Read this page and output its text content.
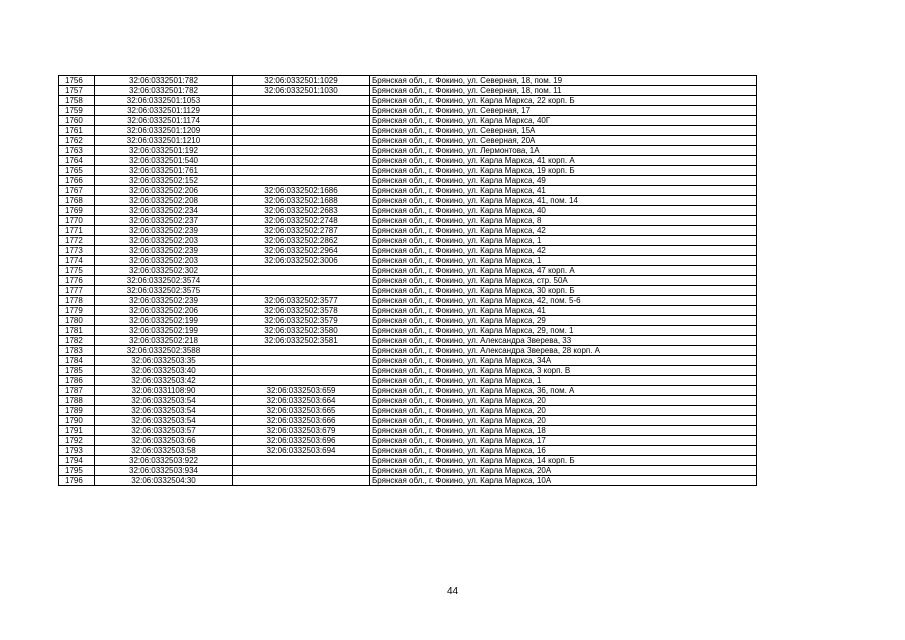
1756	32:06:0332501:782	32:06:0332501:1029	Брянская обл., г. Фокино, ул. Северная, 18, пом. 19
1757	32:06:0332501:782	32:06:0332501:1030	Брянская обл., г. Фокино, ул. Северная, 18, пом. 11
1758	32:06:0332501:1053		Брянская обл., г. Фокино, ул. Карла Маркса, 22 корп. Б
1759	32:06:0332501:1129		Брянская обл., г. Фокино, ул. Северная, 17
1760	32:06:0332501:1174		Брянская обл., г. Фокино, ул. Карла Маркса, 40Г
1761	32:06:0332501:1209		Брянская обл., г. Фокино, ул. Северная, 15А
1762	32:06:0332501:1210		Брянская обл., г. Фокино, ул. Северная, 20А
1763	32:06:0332501:192		Брянская обл., г. Фокино, ул. Лермонтова, 1А
1764	32:06:0332501:540		Брянская обл., г. Фокино, ул. Карла Маркса, 41 корп. А
1765	32:06:0332501:761		Брянская обл., г. Фокино, ул. Карла Маркса, 19 корп. Б
1766	32:06:0332502:152		Брянская обл., г. Фокино, ул. Карла Маркса, 49
1767	32:06:0332502:206	32:06:0332502:1686	Брянская обл., г. Фокино, ул. Карла Маркса, 41
1768	32:06:0332502:208	32:06:0332502:1688	Брянская обл., г. Фокино, ул. Карла Маркса, 41, пом. 14
1769	32:06:0332502:234	32:06:0332502:2683	Брянская обл., г. Фокино, ул. Карла Маркса, 40
1770	32:06:0332502:237	32:06:0332502:2748	Брянская обл., г. Фокино, ул. Карла Маркса, 8
1771	32:06:0332502:239	32:06:0332502:2787	Брянская обл., г. Фокино, ул. Карла Маркса, 42
1772	32:06:0332502:203	32:06:0332502:2862	Брянская обл., г. Фокино, ул. Карла Маркса, 1
1773	32:06:0332502:239	32:06:0332502:2964	Брянская обл., г. Фокино, ул. Карла Маркса, 42
1774	32:06:0332502:203	32:06:0332502:3006	Брянская обл., г. Фокино, ул. Карла Маркса, 1
1775	32:06:0332502:302		Брянская обл., г. Фокино, ул. Карла Маркса, 47 корп. А
1776	32:06:0332502:3574		Брянская обл., г. Фокино, ул. Карла Маркса, стр. 50А
1777	32:06:0332502:3575		Брянская обл., г. Фокино, ул. Карла Маркса, 30 корп. Б
1778	32:06:0332502:239	32:06:0332502:3577	Брянская обл., г. Фокино, ул. Карла Маркса, 42, пом. 5-6
1779	32:06:0332502:206	32:06:0332502:3578	Брянская обл., г. Фокино, ул. Карла Маркса, 41
1780	32:06:0332502:199	32:06:0332502:3579	Брянская обл., г. Фокино, ул. Карла Маркса, 29
1781	32:06:0332502:199	32:06:0332502:3580	Брянская обл., г. Фокино, ул. Карла Маркса, 29, пом. 1
1782	32:06:0332502:218	32:06:0332502:3581	Брянская обл., г. Фокино, ул. Александра Зверева, 33
1783	32:06:0332502:3588		Брянская обл., г. Фокино, ул. Александра Зверева, 28 корп. А
1784	32:06:0332503:35		Брянская обл., г. Фокино, ул. Карла Маркса, 34А
1785	32:06:0332503:40		Брянская обл., г. Фокино, ул. Карла Маркса, 3 корп. В
1786	32:06:0332503:42		Брянская обл., г. Фокино, ул. Карла Маркса, 1
1787	32:06:0331108:90	32:06:0332503:659	Брянская обл., г. Фокино, ул. Карла Маркса, 36, пом. А
1788	32:06:0332503:54	32:06:0332503:664	Брянская обл., г. Фокино, ул. Карла Маркса, 20
1789	32:06:0332503:54	32:06:0332503:665	Брянская обл., г. Фокино, ул. Карла Маркса, 20
1790	32:06:0332503:54	32:06:0332503:666	Брянская обл., г. Фокино, ул. Карла Маркса, 20
1791	32:06:0332503:57	32:06:0332503:679	Брянская обл., г. Фокино, ул. Карла Маркса, 18
1792	32:06:0332503:66	32:06:0332503:696	Брянская обл., г. Фокино, ул. Карла Маркса, 17
1793	32:06:0332503:58	32:06:0332503:694	Брянская обл., г. Фокино, ул. Карла Маркса, 16
1794	32:06:0332503:922		Брянская обл., г. Фокино, ул. Карла Маркса, 14 корп. Б
1795	32:06:0332503:934		Брянская обл., г. Фокино, ул. Карла Маркса, 20А
1796	32:06:0332504:30		Брянская обл., г. Фокино, ул. Карла Маркса, 10А
44
